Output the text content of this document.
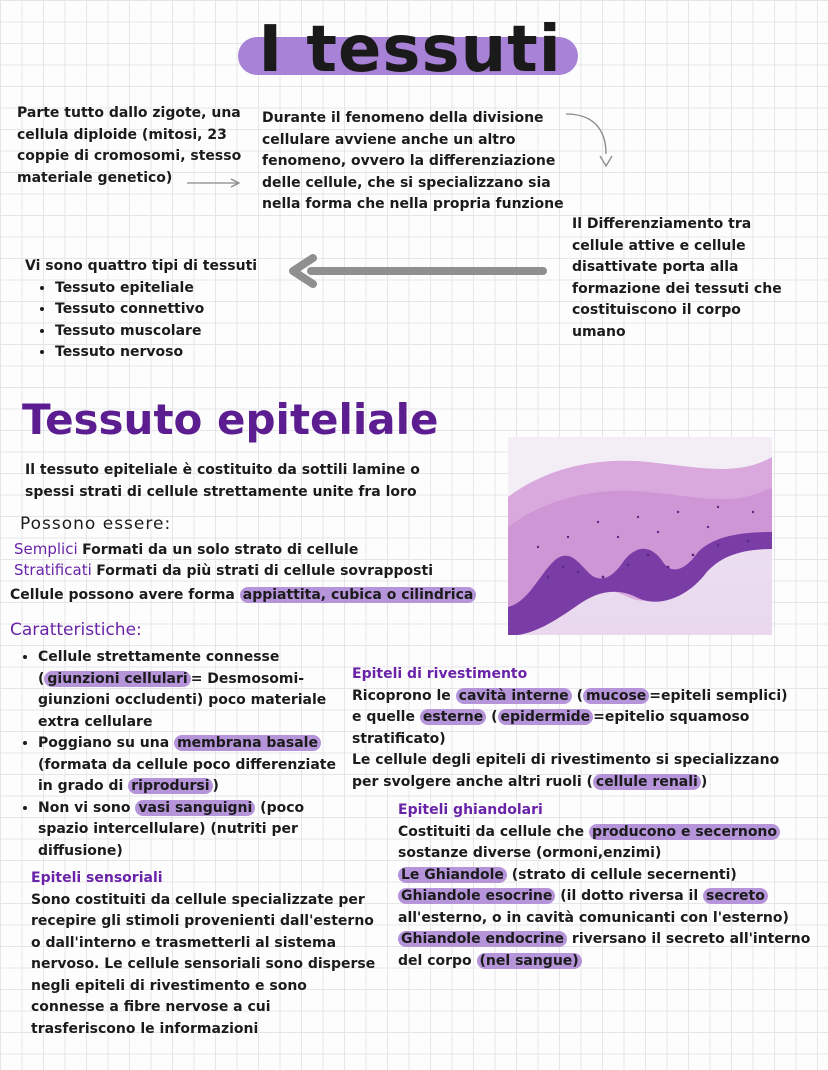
I tessuti
Parte tutto dallo zigote, una cellula diploide (mitosi, 23 coppie di cromosomi, stesso materiale genetico)
Durante il fenomeno della divisione cellulare avviene anche un altro fenomeno, ovvero la differenziazione delle cellule, che si specializzano sia nella forma che nella propria funzione
Il Differenziamento tra cellule attive e cellule disattivate porta alla formazione dei tessuti che costituiscono il corpo umano
Vi sono quattro tipi di tessuti
• Tessuto epiteliale
• Tessuto connettivo
• Tessuto muscolare
• Tessuto nervoso
Tessuto epiteliale
Il tessuto epiteliale è costituito da sottili lamine o spessi strati di cellule strettamente unite fra loro
Possono essere:
Semplici Formati da un solo strato di cellule
Stratificati Formati da più strati di cellule sovrapposti
Cellule possono avere forma appiattita, cubica o cilindrica
Caratteristiche:
• Cellule strettamente connesse ( giunzioni cellulari = Desmosomi-giunzioni occludenti) poco materiale extra cellulare
• Poggiano su una membrana basale (formata da cellule poco differenziate in grado di riprodursi )
• Non vi sono vasi sanguigni (poco spazio intercellulare) (nutriti per diffusione)
Epiteli sensoriali
Sono costituiti da cellule specializzate per recepire gli stimoli provenienti dall'esterno o dall'interno e trasmetterli al sistema nervoso. Le cellule sensoriali sono disperse negli epiteli di rivestimento e sono connesse a fibre nervose a cui trasferiscono le informazioni
Epiteli di rivestimento
Ricoprono le cavità interne ( mucose =epiteli semplici) e quelle esterne ( epidermide =epitelio squamoso stratificato)
Le cellule degli epiteli di rivestimento si specializzano per svolgere anche altri ruoli ( cellule renali )
Epiteli ghiandolari
Costituiti da cellule che producono e secernono sostanze diverse (ormoni,enzimi)
Le Ghiandole (strato di cellule secernenti)
Ghiandole esocrine (il dotto riversa il secreto all'esterno, o in cavità comunicanti con l'esterno)
Ghiandole endocrine riversano il secreto all'interno del corpo (nel sangue)
